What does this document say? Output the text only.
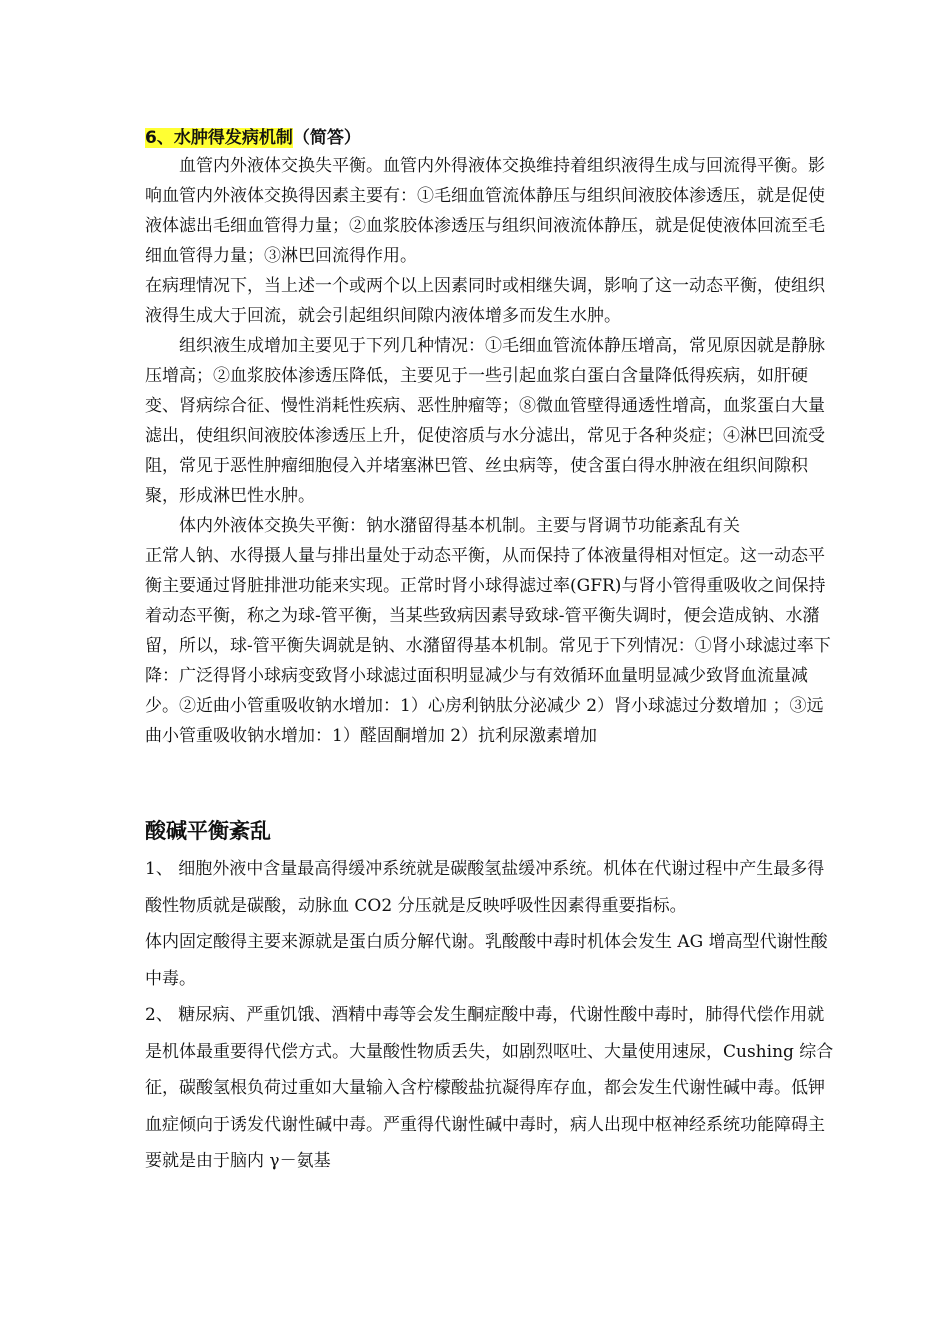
6、水肿得发病机制（简答）

血管内外液体交换失平衡。血管内外得液体交换维持着组织液得生成与回流得平衡。影响血管内外液体交换得因素主要有：①毛细血管流体静压与组织间液胶体渗透压，就是促使液体滤出毛细血管得力量；②血浆胶体渗透压与组织间液流体静压，就是促使液体回流至毛细血管得力量；③淋巴回流得作用。

在病理情况下，当上述一个或两个以上因素同时或相继失调，影响了这一动态平衡，使组织液得生成大于回流，就会引起组织间隙内液体增多而发生水肿。

组织液生成增加主要见于下列几种情况：①毛细血管流体静压增高，常见原因就是静脉压增高；②血浆胶体渗透压降低，主要见于一些引起血浆白蛋白含量降低得疾病，如肝硬变、肾病综合征、慢性消耗性疾病、恶性肿瘤等；⑧微血管壁得通透性增高，血浆蛋白大量滤出，使组织间液胶体渗透压上升，促使溶质与水分滤出，常见于各种炎症；④淋巴回流受阻，常见于恶性肿瘤细胞侵入并堵塞淋巴管、丝虫病等，使含蛋白得水肿液在组织间隙积聚，形成淋巴性水肿。

体内外液体交换失平衡：钠水潴留得基本机制。主要与肾调节功能紊乱有关

正常人钠、水得摄人量与排出量处于动态平衡，从而保持了体液量得相对恒定。这一动态平衡主要通过肾脏排泄功能来实现。正常时肾小球得滤过率(GFR)与肾小管得重吸收之间保持着动态平衡，称之为球-管平衡，当某些致病因素导致球-管平衡失调时，便会造成钠、水潴留，所以，球-管平衡失调就是钠、水潴留得基本机制。常见于下列情况：①肾小球滤过率下降：广泛得肾小球病变致肾小球滤过面积明显减少与有效循环血量明显减少致肾血流量减少。②近曲小管重吸收钠水增加：1）心房利钠肽分泌减少 2）肾小球滤过分数增加 ；③远曲小管重吸收钠水增加：1）醛固酮增加 2）抗利尿激素增加

酸碱平衡紊乱

1、 细胞外液中含量最高得缓冲系统就是碳酸氢盐缓冲系统。机体在代谢过程中产生最多得酸性物质就是碳酸，动脉血 CO2 分压就是反映呼吸性因素得重要指标。

体内固定酸得主要来源就是蛋白质分解代谢。乳酸酸中毒时机体会发生 AG 增高型代谢性酸中毒。

2、 糖尿病、严重饥饿、酒精中毒等会发生酮症酸中毒，代谢性酸中毒时，肺得代偿作用就是机体最重要得代偿方式。大量酸性物质丢失，如剧烈呕吐、大量使用速尿，Cushing 综合征，碳酸氢根负荷过重如大量输入含柠檬酸盐抗凝得库存血，都会发生代谢性碱中毒。低钾血症倾向于诱发代谢性碱中毒。严重得代谢性碱中毒时，病人出现中枢神经系统功能障碍主要就是由于脑内 γ－氨基
